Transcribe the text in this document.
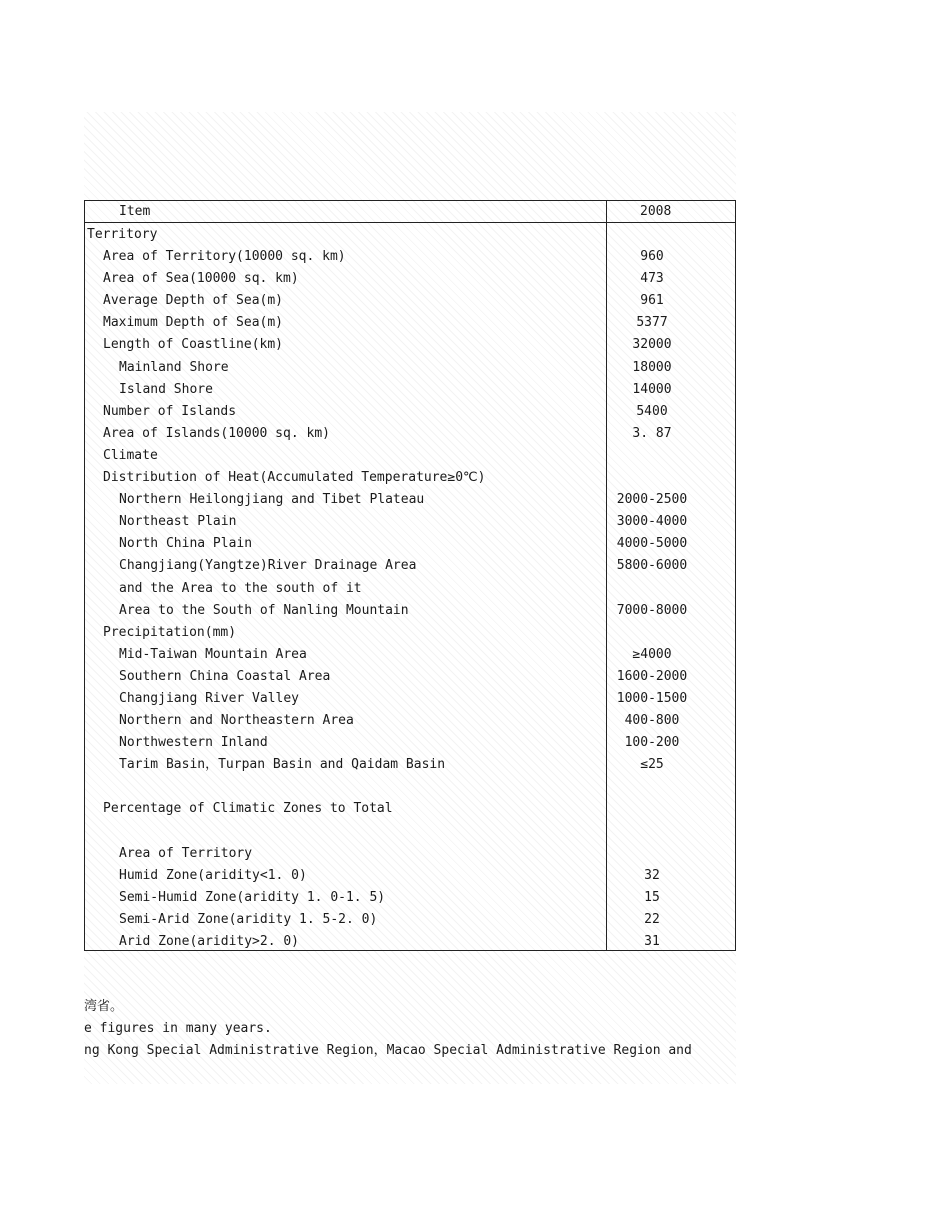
Item	2008
Territory
Area of Territory(10000 sq. km)	960
Area of Sea(10000 sq. km)	473
Average Depth of Sea(m)	961
Maximum Depth of Sea(m)	5377
Length of Coastline(km)	32000
Mainland Shore	18000
Island Shore	14000
Number of Islands	5400
Area of Islands(10000 sq. km)	3. 87
Climate
Distribution of Heat(Accumulated Temperature≥0℃)
Northern Heilongjiang and Tibet Plateau	2000-2500
Northeast Plain	3000-4000
North China Plain	4000-5000
Changjiang(Yangtze)River Drainage Area	5800-6000
and the Area to the south of it
Area to the South of Nanling Mountain	7000-8000
Precipitation(mm)
Mid-Taiwan Mountain Area	≥4000
Southern China Coastal Area	1600-2000
Changjiang River Valley	1000-1500
Northern and Northeastern Area	400-800
Northwestern Inland	100-200
Tarim Basin，Turpan Basin and Qaidam Basin	≤25
Percentage of Climatic Zones to Total
Area of Territory
Humid Zone(aridity<1. 0)	32
Semi-Humid Zone(aridity 1. 0-1. 5)	15
Semi-Arid Zone(aridity 1. 5-2. 0)	22
Arid Zone(aridity>2. 0)	31
湾省。
e figures in many years.
ng Kong Special Administrative Region，Macao Special Administrative Region and
